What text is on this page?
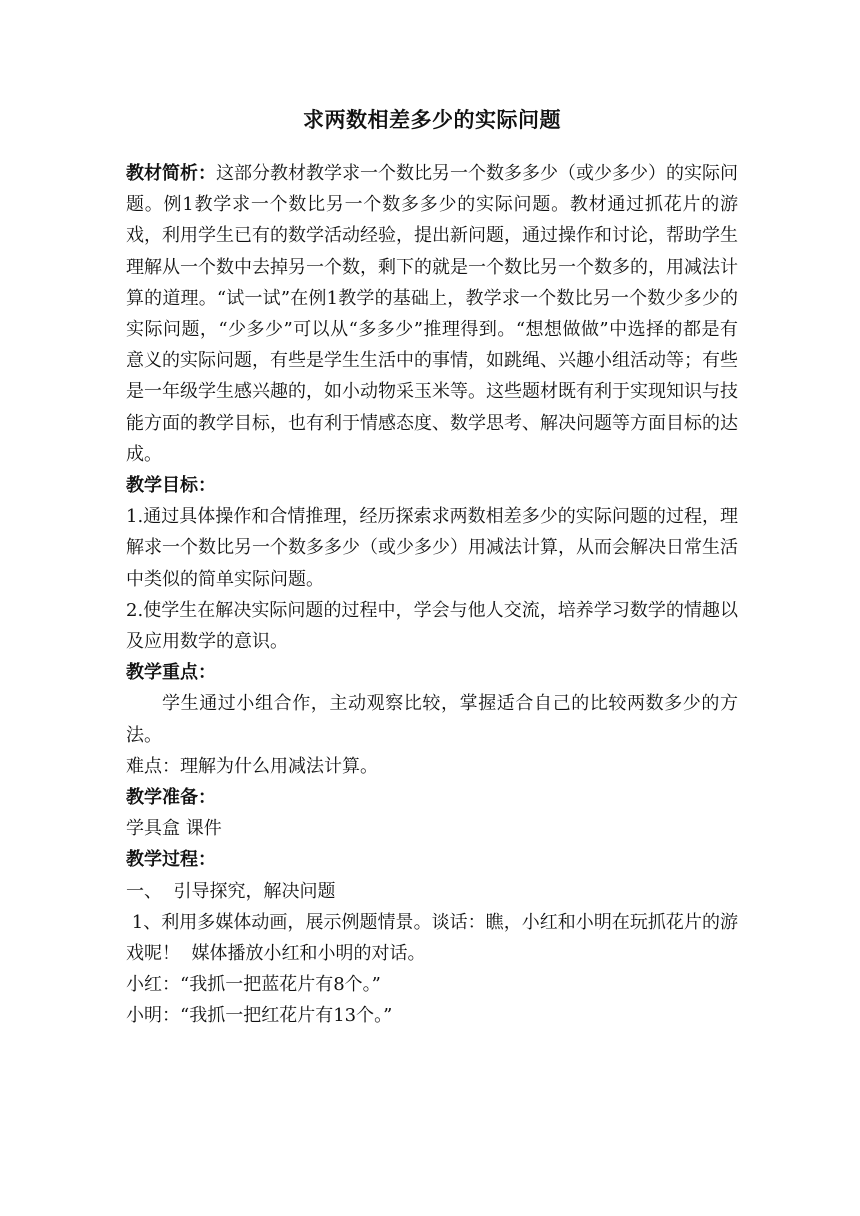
求两数相差多少的实际问题

教材简析：这部分教材教学求一个数比另一个数多多少（或少多少）的实际问题。例1教学求一个数比另一个数多多少的实际问题。教材通过抓花片的游戏，利用学生已有的数学活动经验，提出新问题，通过操作和讨论，帮助学生理解从一个数中去掉另一个数，剩下的就是一个数比另一个数多的，用减法计算的道理。“试一试”在例1教学的基础上，教学求一个数比另一个数少多少的实际问题，“少多少”可以从“多多少”推理得到。“想想做做”中选择的都是有意义的实际问题，有些是学生生活中的事情，如跳绳、兴趣小组活动等；有些是一年级学生感兴趣的，如小动物采玉米等。这些题材既有利于实现知识与技能方面的教学目标，也有利于情感态度、数学思考、解决问题等方面目标的达成。

教学目标：

1.通过具体操作和合情推理，经历探索求两数相差多少的实际问题的过程，理解求一个数比另一个数多多少（或少多少）用减法计算，从而会解决日常生活中类似的简单实际问题。

2.使学生在解决实际问题的过程中，学会与他人交流，培养学习数学的情趣以及应用数学的意识。

教学重点：

学生通过小组合作，主动观察比较，掌握适合自己的比较两数多少的方法。

难点：理解为什么用减法计算。

教学准备：

学具盒 课件

教学过程：

一、  引导探究，解决问题

1、利用多媒体动画，展示例题情景。谈话：瞧，小红和小明在玩抓花片的游戏呢！  媒体播放小红和小明的对话。

小红：“我抓一把蓝花片有8个。”

小明：“我抓一把红花片有13个。”
